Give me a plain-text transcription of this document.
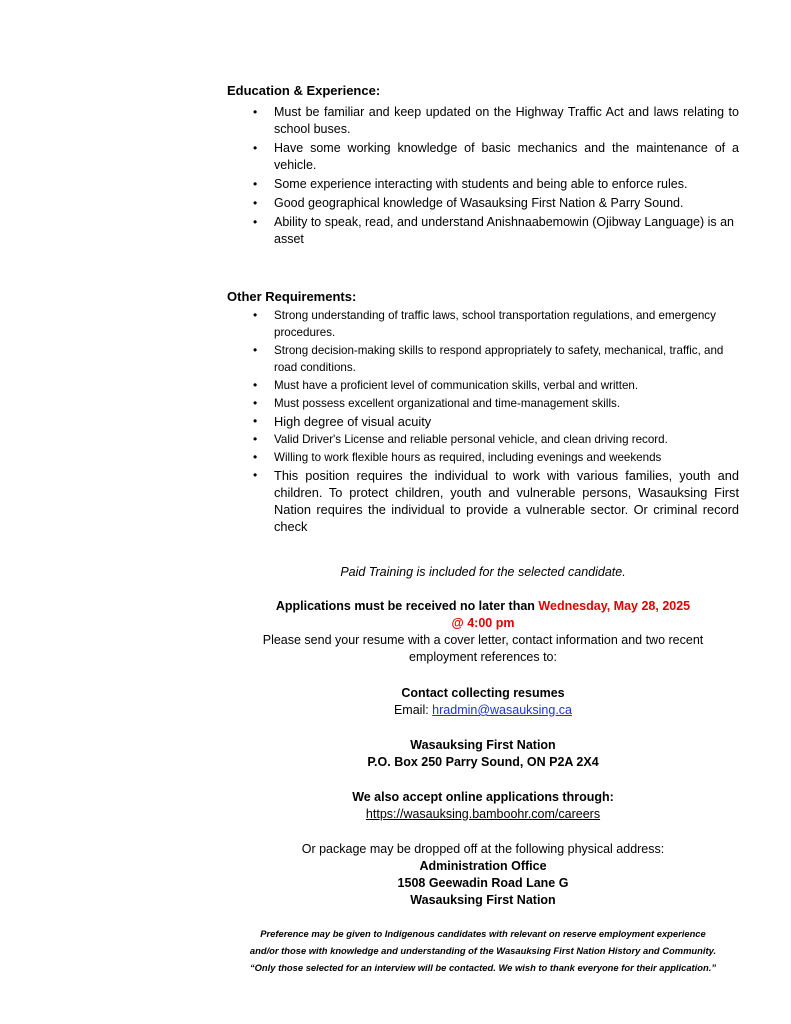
Education & Experience:
• Must be familiar and keep updated on the Highway Traffic Act and laws relating to school buses.
• Have some working knowledge of basic mechanics and the maintenance of a vehicle.
• Some experience interacting with students and being able to enforce rules.
• Good geographical knowledge of Wasauksing First Nation & Parry Sound.
• Ability to speak, read, and understand Anishnaabemowin (Ojibway Language) is an asset
Other Requirements:
• Strong understanding of traffic laws, school transportation regulations, and emergency procedures.
• Strong decision-making skills to respond appropriately to safety, mechanical, traffic, and road conditions.
• Must have a proficient level of communication skills, verbal and written.
• Must possess excellent organizational and time-management skills.
• High degree of visual acuity
• Valid Driver's License and reliable personal vehicle, and clean driving record.
• Willing to work flexible hours as required, including evenings and weekends
• This position requires the individual to work with various families, youth and children. To protect children, youth and vulnerable persons, Wasauksing First Nation requires the individual to provide a vulnerable sector. Or criminal record check
Paid Training is included for the selected candidate.
Applications must be received no later than Wednesday, May 28, 2025
@ 4:00 pm
Please send your resume with a cover letter, contact information and two recent employment references to:
Contact collecting resumes
Email: hradmin@wasauksing.ca
Wasauksing First Nation
P.O. Box 250 Parry Sound, ON P2A 2X4
We also accept online applications through:
https://wasauksing.bamboohr.com/careers
Or package may be dropped off at the following physical address:
Administration Office
1508 Geewadin Road Lane G
Wasauksing First Nation
Preference may be given to Indigenous candidates with relevant on reserve employment experience
and/or those with knowledge and understanding of the Wasauksing First Nation History and Community.
“Only those selected for an interview will be contacted. We wish to thank everyone for their application.”
